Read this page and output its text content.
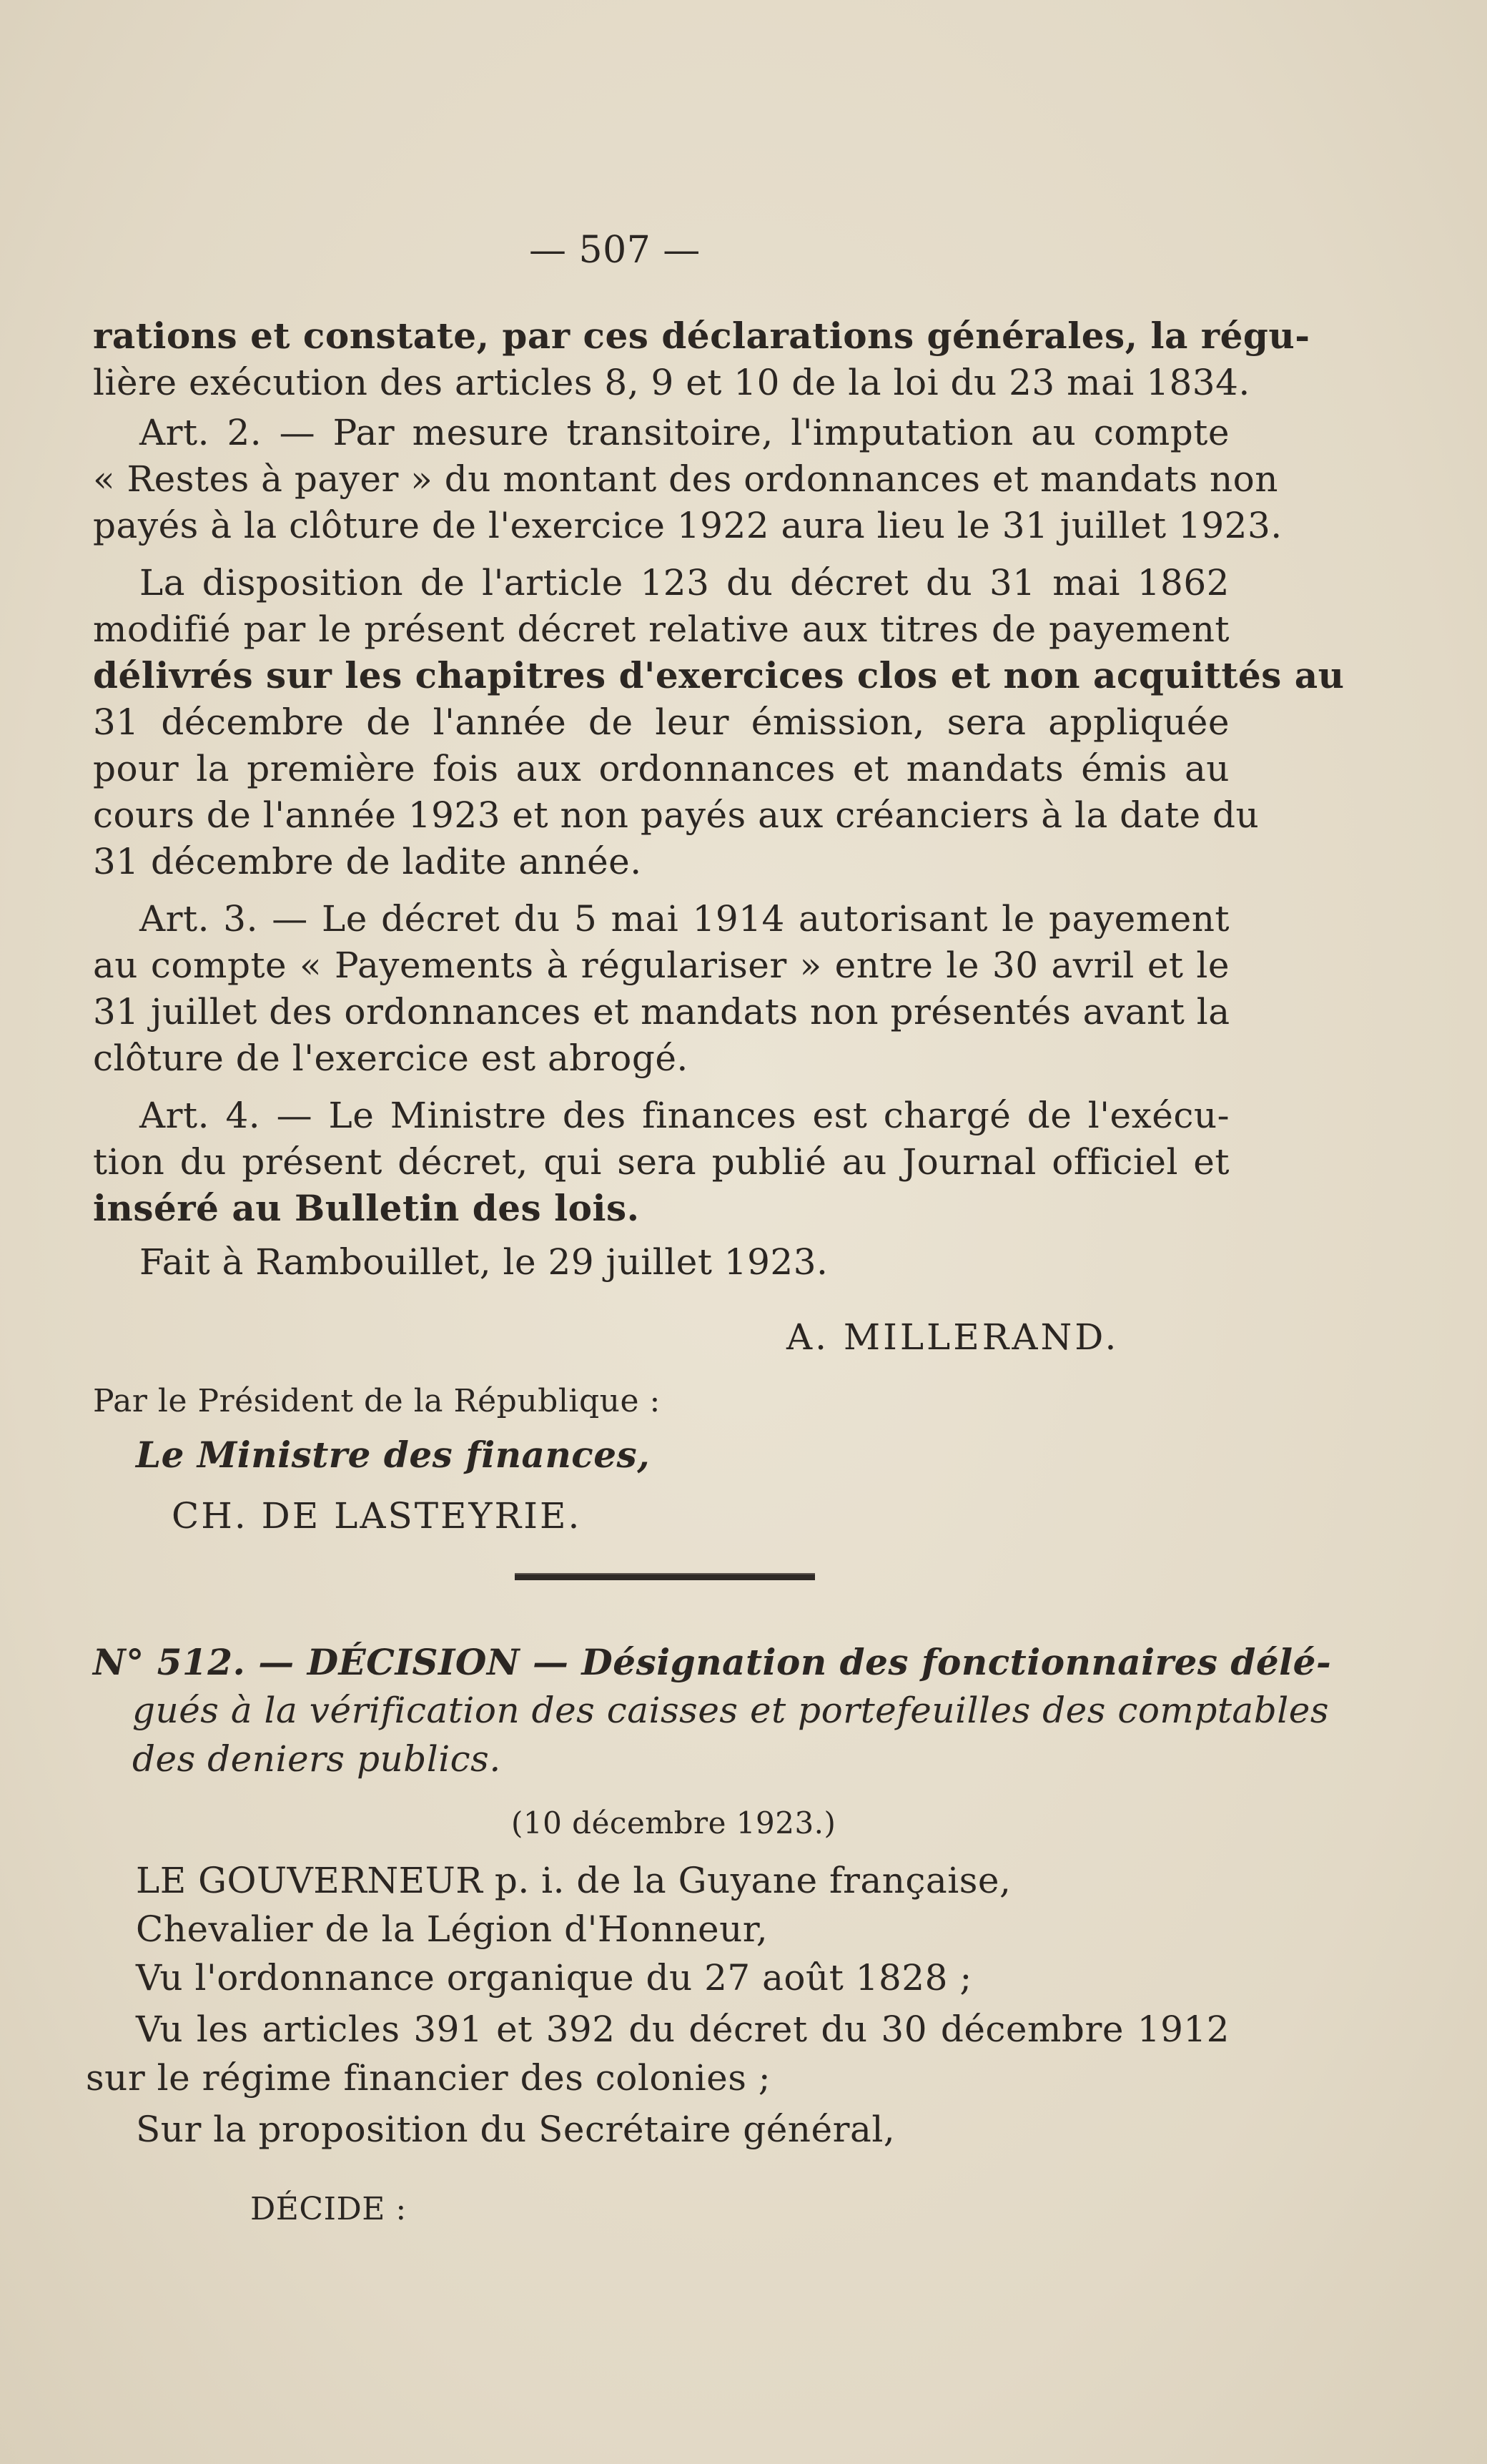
— 507 —
rations et constate, par ces déclarations générales, la régu-
lière exécution des articles 8, 9 et 10 de la loi du 23 mai 1834.
Art. 2. — Par mesure transitoire, l'imputation au compte
« Restes à payer » du montant des ordonnances et mandats non
payés à la clôture de l'exercice 1922 aura lieu le 31 juillet 1923.
La disposition de l'article 123 du décret du 31 mai 1862
modifié par le présent décret relative aux titres de payement
délivrés sur les chapitres d'exercices clos et non acquittés au
31 décembre de l'année de leur émission, sera appliquée
pour la première fois aux ordonnances et mandats émis au
cours de l'année 1923 et non payés aux créanciers à la date du
31 décembre de ladite année.
Art. 3. — Le décret du 5 mai 1914 autorisant le payement
au compte « Payements à régulariser » entre le 30 avril et le
31 juillet des ordonnances et mandats non présentés avant la
clôture de l'exercice est abrogé.
Art. 4. — Le Ministre des finances est chargé de l'exécu-
tion du présent décret, qui sera publié au Journal officiel et
inséré au Bulletin des lois.
Fait à Rambouillet, le 29 juillet 1923.
A. MILLERAND.
Par le Président de la République :
Le Ministre des finances,
CH. DE LASTEYRIE.
N° 512. — DÉCISION — Désignation des fonctionnaires délé-
gués à la vérification des caisses et portefeuilles des comptables
des deniers publics.
(10 décembre 1923.)
LE GOUVERNEUR p. i. de la Guyane française,
Chevalier de la Légion d'Honneur,
Vu l'ordonnance organique du 27 août 1828 ;
Vu les articles 391 et 392 du décret du 30 décembre 1912
sur le régime financier des colonies ;
Sur la proposition du Secrétaire général,
DÉCIDE :
